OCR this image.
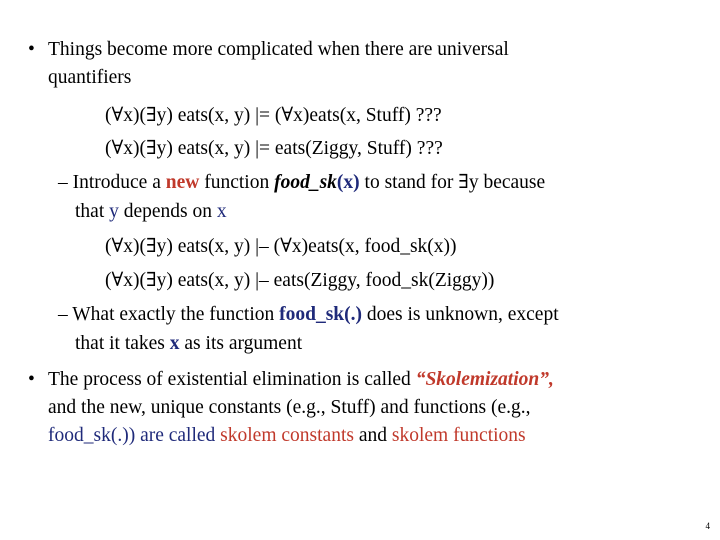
• Things become more complicated when there are universal
quantifiers
(∀x)(∃y) eats(x, y) |= (∀x)eats(x, Stuff) ???
(∀x)(∃y) eats(x, y) |= eats(Ziggy, Stuff) ???
– Introduce a new function food_sk(x) to stand for ∃y because
that y depends on x
(∀x)(∃y) eats(x, y) |– (∀x)eats(x, food_sk(x))
(∀x)(∃y) eats(x, y) |– eats(Ziggy, food_sk(Ziggy))
– What exactly the function food_sk(.) does is unknown, except
that it takes x as its argument
• The process of existential elimination is called “Skolemization”,
and the new, unique constants (e.g., Stuff) and functions (e.g.,
food_sk(.)) are called skolem constants and skolem functions
4
